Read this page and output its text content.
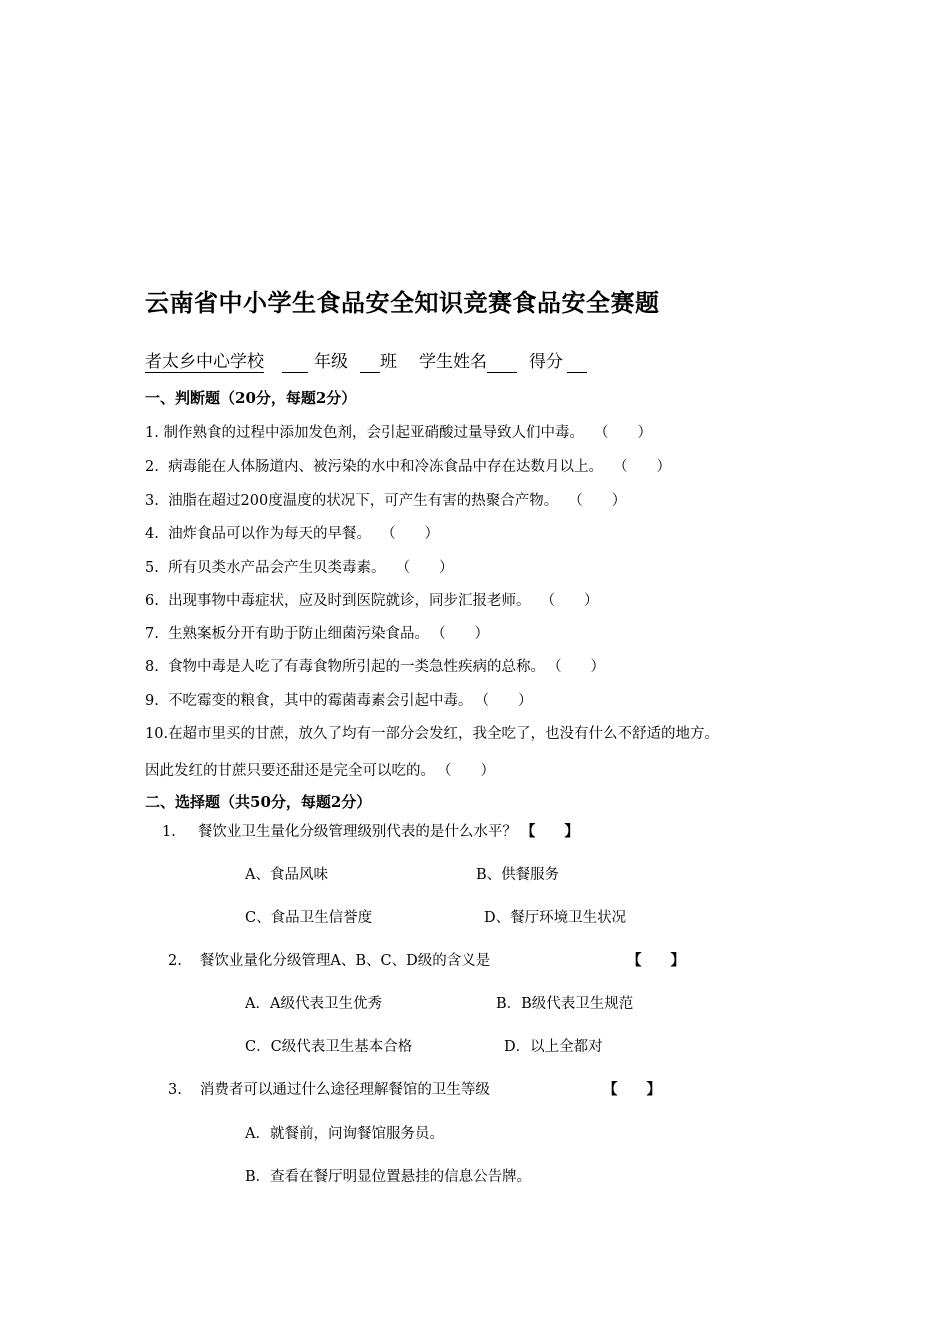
云南省中小学生食品安全知识竞赛食品安全赛题
者太乡中心学校	年级 班 学生姓名 得分
一、判断题（20分，每题2分）
1. 制作熟食的过程中添加发色剂，会引起亚硝酸过量导致人们中毒。 （　　）
2. 病毒能在人体肠道内、被污染的水中和冷冻食品中存在达数月以上。 （　　）
3. 油脂在超过200度温度的状况下，可产生有害的热聚合产物。 （　　）
4. 油炸食品可以作为每天的早餐。 （　　）
5. 所有贝类水产品会产生贝类毒素。 （　　）
6. 出现事物中毒症状，应及时到医院就诊，同步汇报老师。 （　　）
7. 生熟案板分开有助于防止细菌污染食品。 （　　）
8. 食物中毒是人吃了有毒食物所引起的一类急性疾病的总称。 （　　）
9. 不吃霉变的粮食，其中的霉菌毒素会引起中毒。 （　　）
10.在超市里买的甘蔗，放久了均有一部分会发红，我全吃了，也没有什么不舒适的地方。
因此发红的甘蔗只要还甜还是完全可以吃的。 （　　）
二、选择题（共50分，每题2分）
1. 餐饮业卫生量化分级管理级别代表的是什么水平？ 【　　】
A、食品风味	B、供餐服务
C、食品卫生信誉度	D、餐厅环境卫生状况
2. 餐饮业量化分级管理A、B、C、D级的含义是	【　　】
A．A级代表卫生优秀	B．B级代表卫生规范
C．C级代表卫生基本合格	D．以上全都对
3. 消费者可以通过什么途径理解餐馆的卫生等级	【　　】
A．就餐前，问询餐馆服务员。
B．查看在餐厅明显位置悬挂的信息公告牌。
